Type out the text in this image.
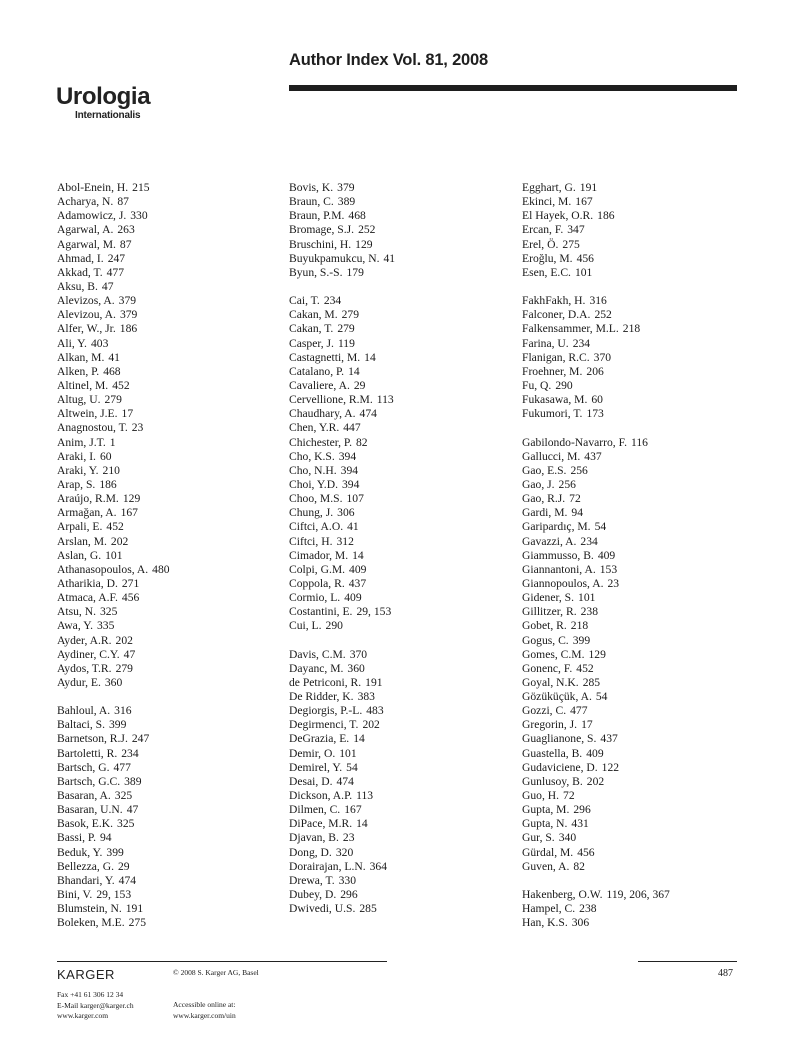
Author Index Vol. 81, 2008
Urologia
Internationalis
Abol-Enein, H. 215
Acharya, N. 87
Adamowicz, J. 330
Agarwal, A. 263
Agarwal, M. 87
Ahmad, I. 247
Akkad, T. 477
Aksu, B. 47
Alevizos, A. 379
Alevizou, A. 379
Alfer, W., Jr. 186
Ali, Y. 403
Alkan, M. 41
Alken, P. 468
Altinel, M. 452
Altug, U. 279
Altwein, J.E. 17
Anagnostou, T. 23
Anim, J.T. 1
Araki, I. 60
Araki, Y. 210
Arap, S. 186
Araújo, R.M. 129
Armağan, A. 167
Arpali, E. 452
Arslan, M. 202
Aslan, G. 101
Athanasopoulos, A. 480
Atharikia, D. 271
Atmaca, A.F. 456
Atsu, N. 325
Awa, Y. 335
Ayder, A.R. 202
Aydiner, C.Y. 47
Aydos, T.R. 279
Aydur, E. 360
Bahloul, A. 316
Baltaci, S. 399
Barnetson, R.J. 247
Bartoletti, R. 234
Bartsch, G. 477
Bartsch, G.C. 389
Basaran, A. 325
Basaran, U.N. 47
Basok, E.K. 325
Bassi, P. 94
Beduk, Y. 399
Bellezza, G. 29
Bhandari, Y. 474
Bini, V. 29, 153
Blumstein, N. 191
Boleken, M.E. 275
Bovis, K. 379
Braun, C. 389
Braun, P.M. 468
Bromage, S.J. 252
Bruschini, H. 129
Buyukpamukcu, N. 41
Byun, S.-S. 179
Cai, T. 234
Cakan, M. 279
Cakan, T. 279
Casper, J. 119
Castagnetti, M. 14
Catalano, P. 14
Cavaliere, A. 29
Cervellione, R.M. 113
Chaudhary, A. 474
Chen, Y.R. 447
Chichester, P. 82
Cho, K.S. 394
Cho, N.H. 394
Choi, Y.D. 394
Choo, M.S. 107
Chung, J. 306
Ciftci, A.O. 41
Ciftci, H. 312
Cimador, M. 14
Colpi, G.M. 409
Coppola, R. 437
Cormio, L. 409
Costantini, E. 29, 153
Cui, L. 290
Davis, C.M. 370
Dayanc, M. 360
de Petriconi, R. 191
De Ridder, K. 383
Degiorgis, P.-L. 483
Degirmenci, T. 202
DeGrazia, E. 14
Demir, O. 101
Demirel, Y. 54
Desai, D. 474
Dickson, A.P. 113
Dilmen, C. 167
DiPace, M.R. 14
Djavan, B. 23
Dong, D. 320
Dorairajan, L.N. 364
Drewa, T. 330
Dubey, D. 296
Dwivedi, U.S. 285
Egghart, G. 191
Ekinci, M. 167
El Hayek, O.R. 186
Ercan, F. 347
Erel, Ö. 275
Eroğlu, M. 456
Esen, E.C. 101
FakhFakh, H. 316
Falconer, D.A. 252
Falkensammer, M.L. 218
Farina, U. 234
Flanigan, R.C. 370
Froehner, M. 206
Fu, Q. 290
Fukasawa, M. 60
Fukumori, T. 173
Gabilondo-Navarro, F. 116
Gallucci, M. 437
Gao, E.S. 256
Gao, J. 256
Gao, R.J. 72
Gardi, M. 94
Garipardıç, M. 54
Gavazzi, A. 234
Giammusso, B. 409
Giannantoni, A. 153
Giannopoulos, A. 23
Gidener, S. 101
Gillitzer, R. 238
Gobet, R. 218
Gogus, C. 399
Gomes, C.M. 129
Gonenc, F. 452
Goyal, N.K. 285
Gözüküçük, A. 54
Gozzi, C. 477
Gregorin, J. 17
Guaglianone, S. 437
Guastella, B. 409
Gudaviciene, D. 122
Gunlusoy, B. 202
Guo, H. 72
Gupta, M. 296
Gupta, N. 431
Gur, S. 340
Gürdal, M. 456
Guven, A. 82
Hakenberg, O.W. 119, 206, 367
Hampel, C. 238
Han, K.S. 306
KARGER	© 2008 S. Karger AG, Basel	487
Fax +41 61 306 12 34
E-Mail karger@karger.ch
www.karger.com
Accessible online at:
www.karger.com/uin
